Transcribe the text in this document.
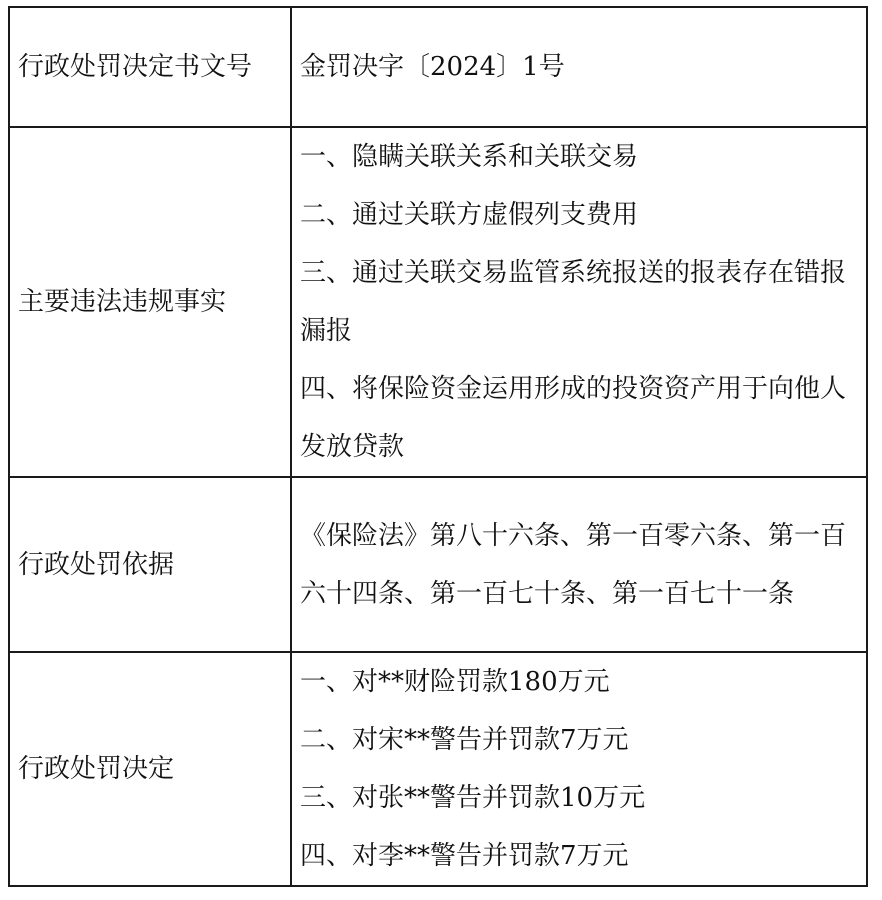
行政处罚决定书文号	金罚决字〔2024〕1号

主要违法违规事实	一、隐瞒关联关系和关联交易
二、通过关联方虚假列支费用
三、通过关联交易监管系统报送的报表存在错报漏报
四、将保险资金运用形成的投资资产用于向他人发放贷款

行政处罚依据	《保险法》第八十六条、第一百零六条、第一百六十四条、第一百七十条、第一百七十一条

行政处罚决定	一、对**财险罚款180万元
二、对宋**警告并罚款7万元
三、对张**警告并罚款10万元
四、对李**警告并罚款7万元
